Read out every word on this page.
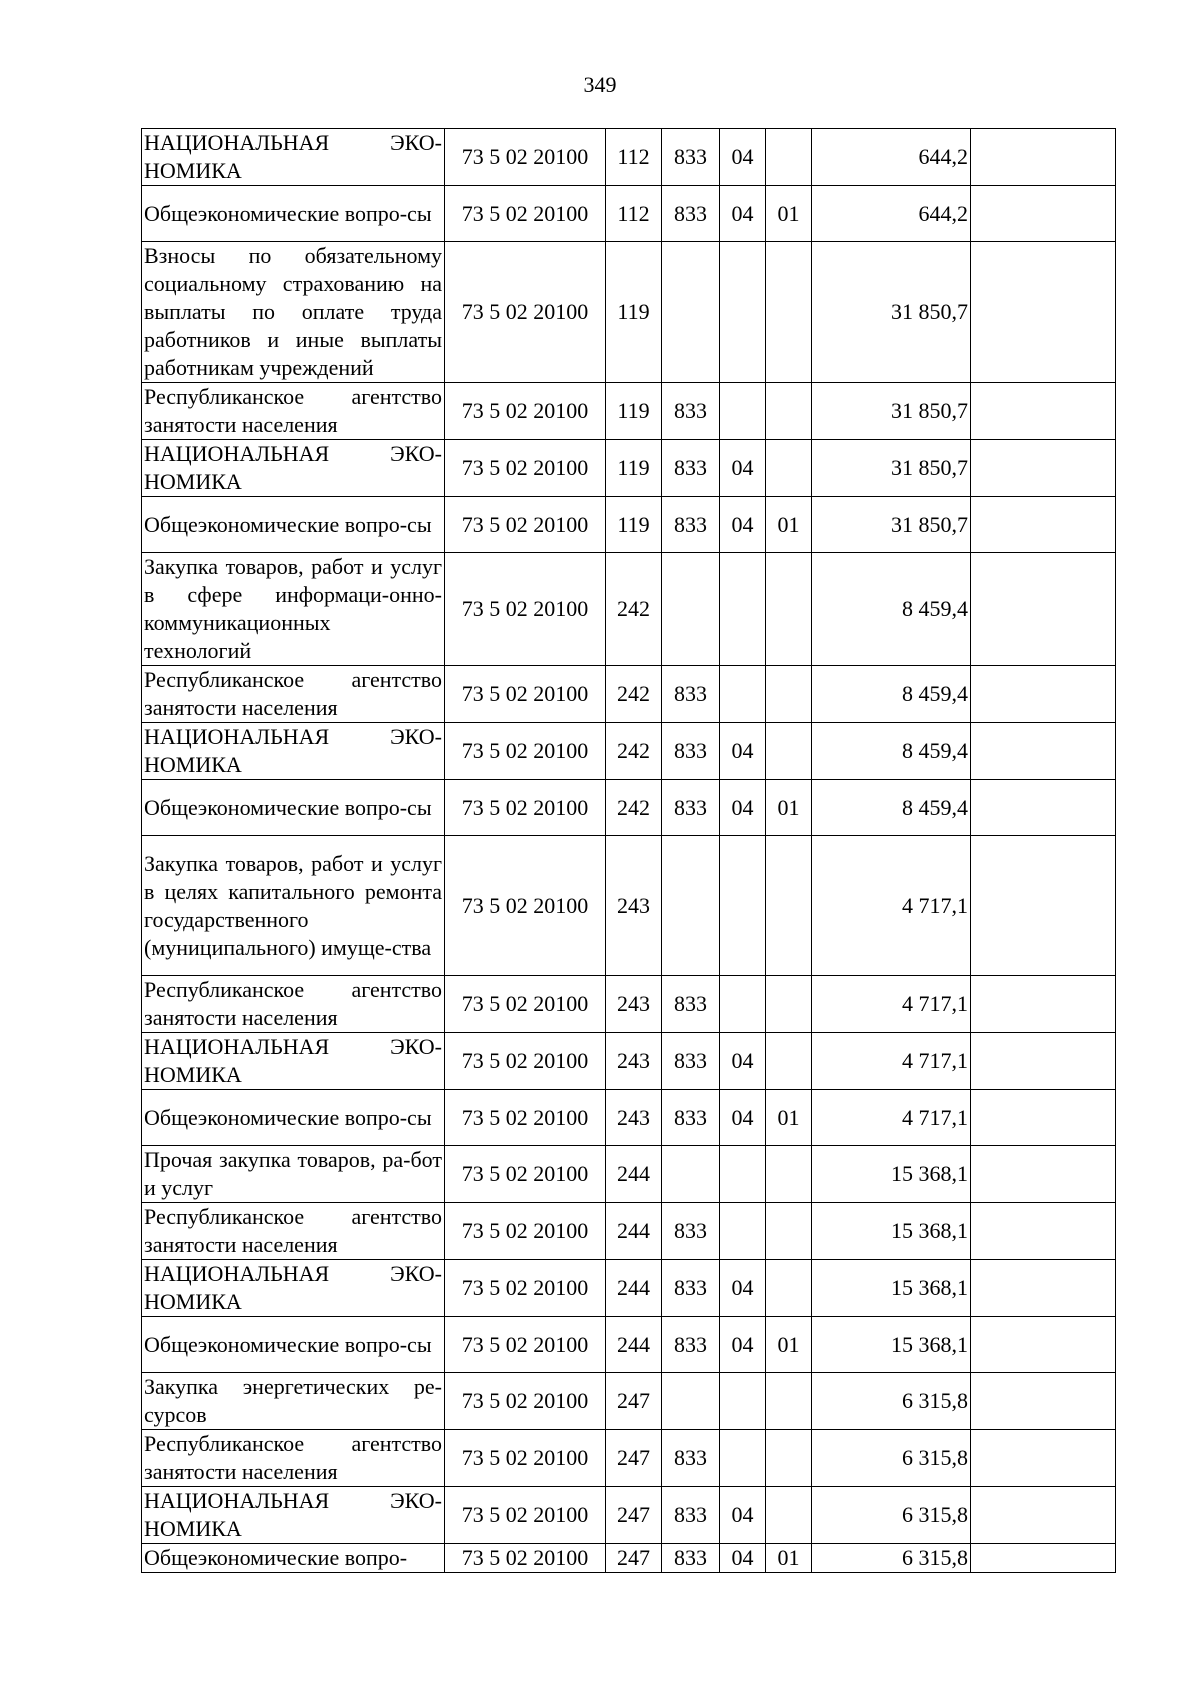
349
НАЦИОНАЛЬНАЯ ЭКО-НОМИКА	73 5 02 20100	112	833	04		644,2	
Общеэкономические вопро-сы	73 5 02 20100	112	833	04	01	644,2	
Взносы по обязательному социальному страхованию на выплаты по оплате труда работников и иные выплаты работникам учреждений	73 5 02 20100	119				31 850,7	
Республиканское агентство занятости населения	73 5 02 20100	119	833			31 850,7	
НАЦИОНАЛЬНАЯ ЭКО-НОМИКА	73 5 02 20100	119	833	04		31 850,7	
Общеэкономические вопро-сы	73 5 02 20100	119	833	04	01	31 850,7	
Закупка товаров, работ и услуг в сфере информаци-онно-коммуникационных технологий	73 5 02 20100	242				8 459,4	
Республиканское агентство занятости населения	73 5 02 20100	242	833			8 459,4	
НАЦИОНАЛЬНАЯ ЭКО-НОМИКА	73 5 02 20100	242	833	04		8 459,4	
Общеэкономические вопро-сы	73 5 02 20100	242	833	04	01	8 459,4	
Закупка товаров, работ и услуг в целях капитального ремонта государственного (муниципального) имуще-ства	73 5 02 20100	243				4 717,1	
Республиканское агентство занятости населения	73 5 02 20100	243	833			4 717,1	
НАЦИОНАЛЬНАЯ ЭКО-НОМИКА	73 5 02 20100	243	833	04		4 717,1	
Общеэкономические вопро-сы	73 5 02 20100	243	833	04	01	4 717,1	
Прочая закупка товаров, ра-бот и услуг	73 5 02 20100	244				15 368,1	
Республиканское агентство занятости населения	73 5 02 20100	244	833			15 368,1	
НАЦИОНАЛЬНАЯ ЭКО-НОМИКА	73 5 02 20100	244	833	04		15 368,1	
Общеэкономические вопро-сы	73 5 02 20100	244	833	04	01	15 368,1	
Закупка энергетических ре-сурсов	73 5 02 20100	247				6 315,8	
Республиканское агентство занятости населения	73 5 02 20100	247	833			6 315,8	
НАЦИОНАЛЬНАЯ ЭКО-НОМИКА	73 5 02 20100	247	833	04		6 315,8	
Общеэкономические вопро-	73 5 02 20100	247	833	04	01	6 315,8	
